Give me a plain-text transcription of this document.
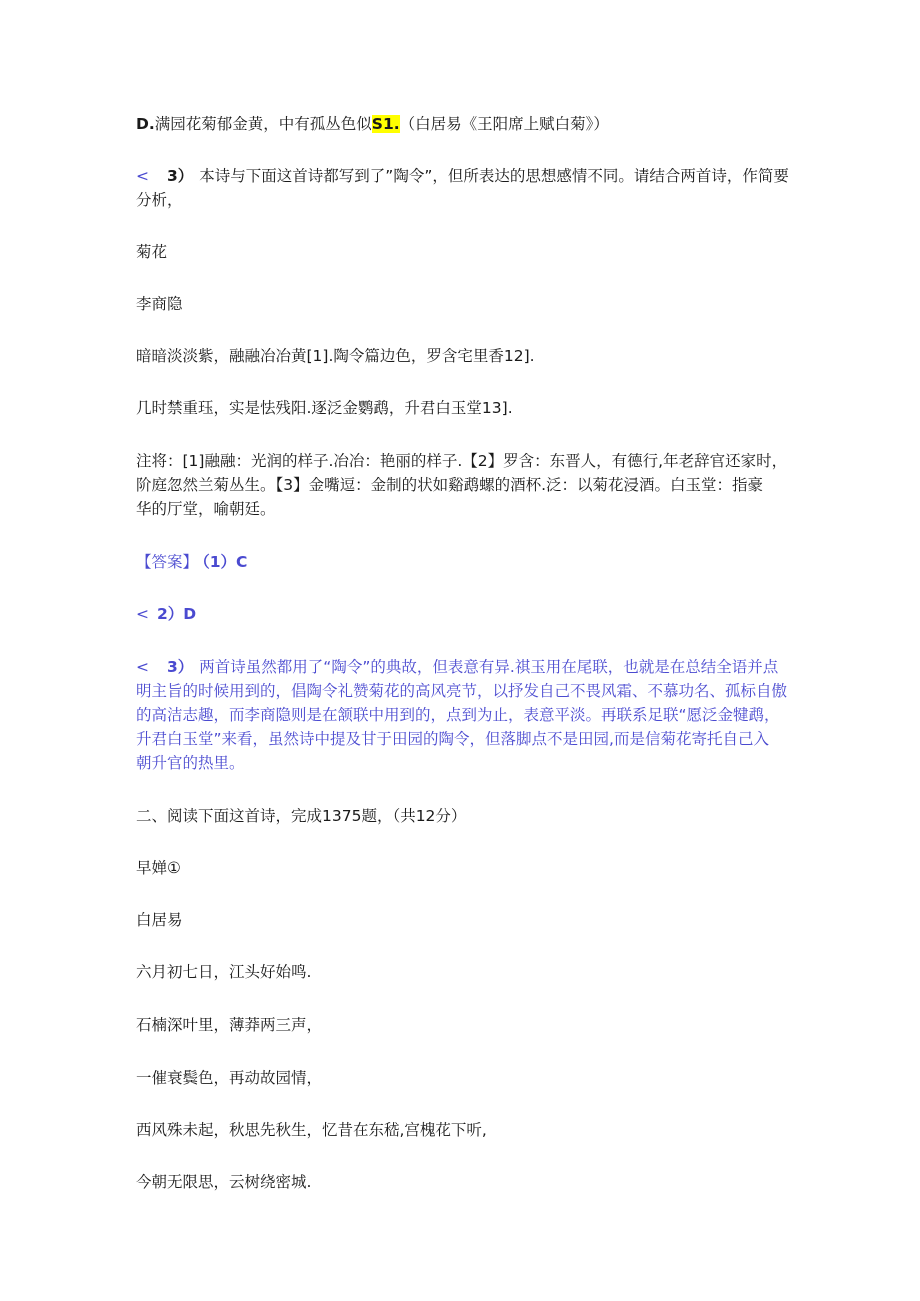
D.满园花菊郁金黄，中有孤丛色似S1.（白居易《王阳席上赋白菊》）
< 3） 本诗与下面这首诗都写到了”陶令”，但所表达的思想感情不同。请结合两首诗，作简要
分析，
菊花
李商隐
暗暗淡淡紫，融融冶冶黄[1].陶令篇边色，罗含宅里香12].
几时禁重珏，实是怯残阳.逐泛金鹦鹉，升君白玉堂13].
注将：[1]融融：光润的样子.冶冶：艳丽的样子.【2】罗含：东晋人，有德行,年老辞官还家时，
阶庭忽然兰菊丛生。【3】金嘴逗：金制的状如谿鹉螺的酒杯.泛：以菊花浸酒。白玉堂：指豪
华的厅堂，喻朝廷。
【答案】 （1）C
< 2）D
< 3） 两首诗虽然都用了“陶令”的典故，但表意有异.祺玉用在尾联，也就是在总结全语并点
明主旨的时候用到的，倡陶令礼赞菊花的高风亮节，以抒发自己不畏风霜、不慕功名、孤标自傲
的高洁志趣，而李商隐则是在颔联中用到的，点到为止，表意平淡。再联系足联“愿泛金犍鹉，
升君白玉堂”来看，虽然诗中提及甘于田园的陶令，但落脚点不是田园,而是信菊花寄托自己入
朝升官的热里。
二、阅读下面这首诗，完成1375题，（共12分）
早婵①
白居易
六月初七日，江头好始鸣.
石楠深叶里，薄莽两三声，
一催衰鬓色，再动故园情，
西风殊未起，秋思先秋生，忆昔在东嵇,宫槐花下听,
今朝无限思，云树绕密城.
